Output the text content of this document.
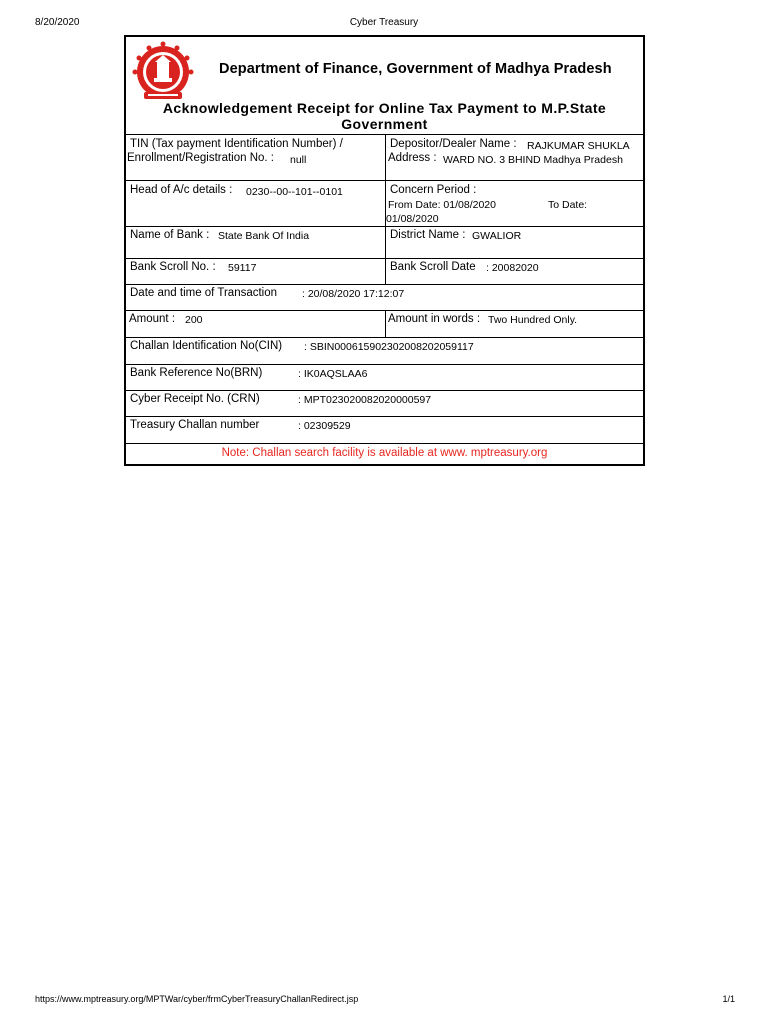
8/20/2020	Cyber Treasury
Department of Finance, Government of Madhya Pradesh
Acknowledgement Receipt for Online Tax Payment to M.P.State Government
TIN (Tax payment Identification Number) /
Enrollment/Registration No. : null
Depositor/Dealer Name : RAJKUMAR SHUKLA
Address : WARD NO. 3 BHIND Madhya Pradesh
Head of A/c details : 0230--00--101--0101	Concern Period :
From Date: 01/08/2020	To Date:
01/08/2020
Name of Bank : State Bank Of India	District Name : GWALIOR
Bank Scroll No. : 59117	Bank Scroll Date : 20082020
Date and time of Transaction : 20/08/2020 17:12:07
Amount : 200	Amount in words : Two Hundred Only.
Challan Identification No(CIN) : SBIN00061590230200820205911​7
Bank Reference No(BRN)	: IK0AQSLAA6
Cyber Receipt No. (CRN)	: MPT023020082020000597
Treasury Challan number	: 02309529
Note: Challan search facility is available at www. mptreasury.org
https://www.mptreasury.org/MPTWar/cyber/frmCyberTreasuryChallanRedirect.jsp	1/1
